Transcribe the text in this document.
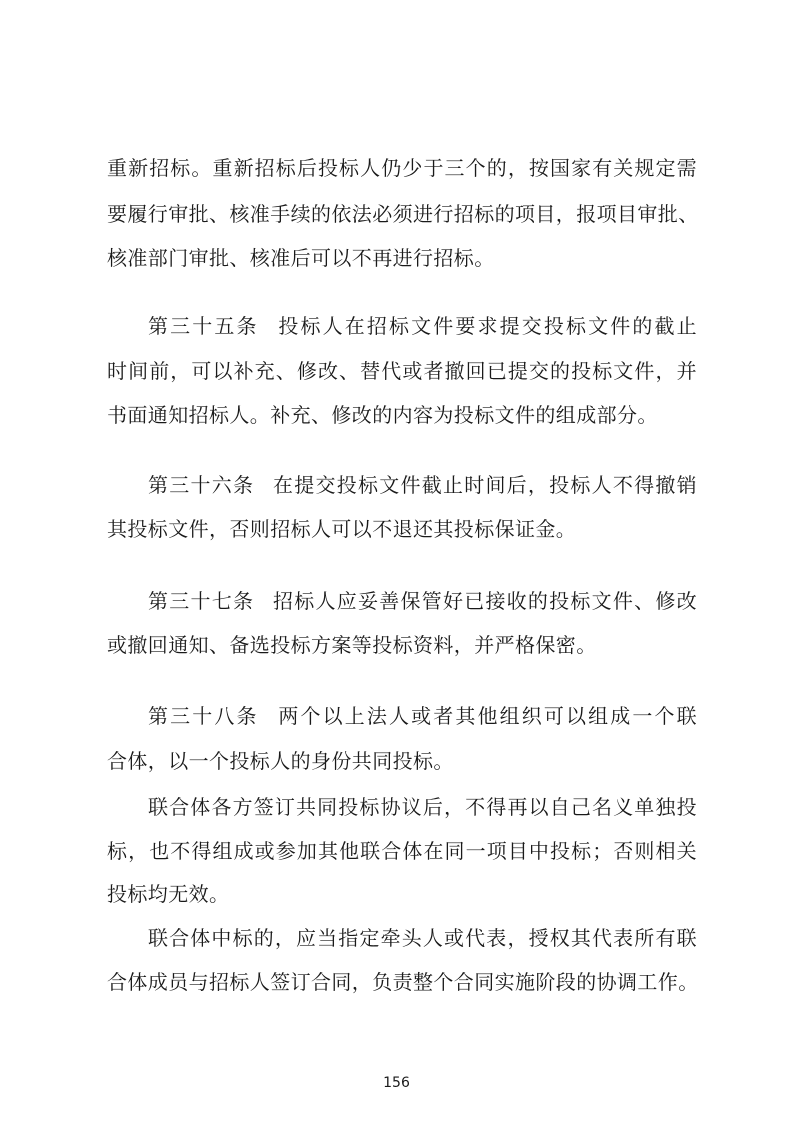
重新招标。重新招标后投标人仍少于三个的，按国家有关规定需
要履行审批、核准手续的依法必须进行招标的项目，报项目审批、
核准部门审批、核准后可以不再进行招标。
第三十五条 投标人在招标文件要求提交投标文件的截止
时间前，可以补充、修改、替代或者撤回已提交的投标文件，并
书面通知招标人。补充、修改的内容为投标文件的组成部分。
第三十六条 在提交投标文件截止时间后，投标人不得撤销
其投标文件，否则招标人可以不退还其投标保证金。
第三十七条 招标人应妥善保管好已接收的投标文件、修改
或撤回通知、备选投标方案等投标资料，并严格保密。
第三十八条 两个以上法人或者其他组织可以组成一个联
合体，以一个投标人的身份共同投标。
联合体各方签订共同投标协议后，不得再以自己名义单独投
标，也不得组成或参加其他联合体在同一项目中投标；否则相关
投标均无效。
联合体中标的，应当指定牵头人或代表，授权其代表所有联
合体成员与招标人签订合同，负责整个合同实施阶段的协调工作。
156
